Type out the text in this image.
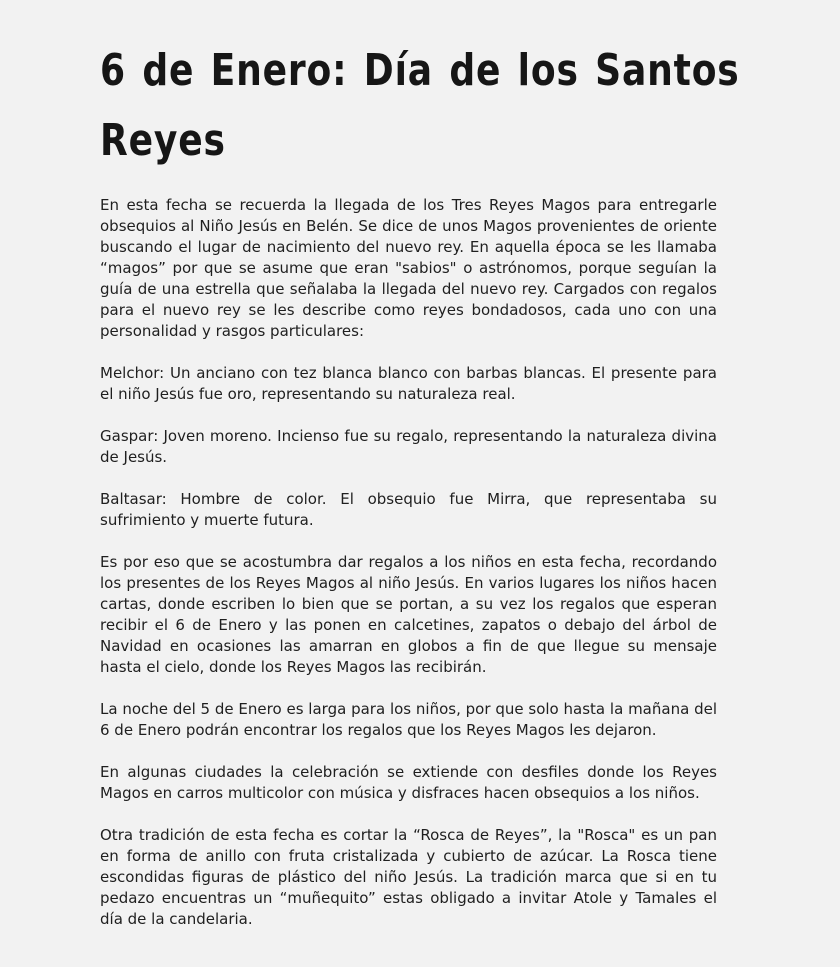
6 de Enero: Día de los Santos
Reyes

En esta fecha se recuerda la llegada de los Tres Reyes Magos para entregarle obsequios al Niño Jesús en Belén. Se dice de unos Magos provenientes de oriente buscando el lugar de nacimiento del nuevo rey. En aquella época se les llamaba “magos” por que se asume que eran "sabios" o astrónomos, porque seguían la guía de una estrella que señalaba la llegada del nuevo rey. Cargados con regalos para el nuevo rey se les describe como reyes bondadosos, cada uno con una personalidad y rasgos particulares:

Melchor: Un anciano con tez blanca blanco con barbas blancas. El presente para el niño Jesús fue oro, representando su naturaleza real.

Gaspar: Joven moreno. Incienso fue su regalo, representando la naturaleza divina de Jesús.

Baltasar: Hombre de color. El obsequio fue Mirra, que representaba su sufrimiento y muerte futura.

Es por eso que se acostumbra dar regalos a los niños en esta fecha, recordando los presentes de los Reyes Magos al niño Jesús. En varios lugares los niños hacen cartas, donde escriben lo bien que se portan, a su vez los regalos que esperan recibir el 6 de Enero y las ponen en calcetines, zapatos o debajo del árbol de Navidad en ocasiones las amarran en globos a fin de que llegue su mensaje hasta el cielo, donde los Reyes Magos las recibirán.

La noche del 5 de Enero es larga para los niños, por que solo hasta la mañana del 6 de Enero podrán encontrar los regalos que los Reyes Magos les dejaron.

En algunas ciudades la celebración se extiende con desfiles donde los Reyes Magos en carros multicolor con música y disfraces hacen obsequios a los niños.

Otra tradición de esta fecha es cortar la “Rosca de Reyes”, la "Rosca" es un pan en forma de anillo con fruta cristalizada y cubierto de azúcar. La Rosca tiene escondidas figuras de plástico del niño Jesús. La tradición marca que si en tu pedazo encuentras un “muñequito” estas obligado a invitar Atole y Tamales el día de la candelaria.
